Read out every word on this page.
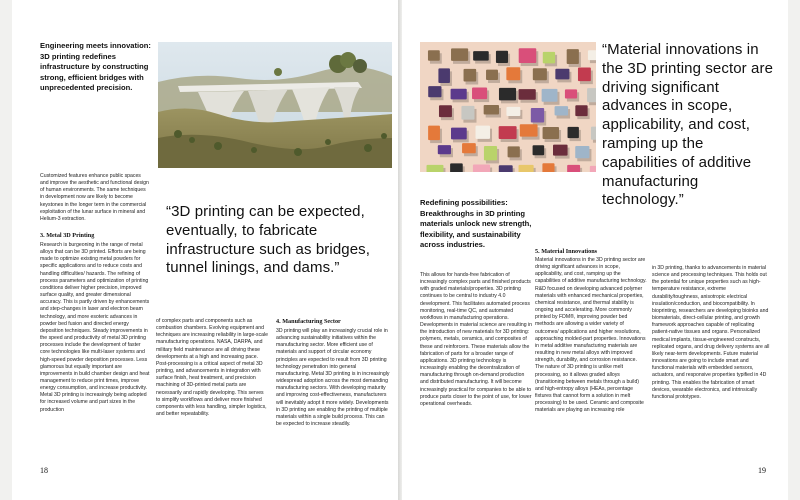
Engineering meets innovation: 3D printing redefines infrastructure by constructing strong, efficient bridges with unprecedented precision.
Customized features enhance public spaces and improve the aesthetic and functional design of human environments. The same techniques in development now are likely to become keystones in the longer term in the commercial exploitation of the lunar surface in mineral and Helium-3 extraction.
3. Metal 3D Printing
Research is burgeoning in the range of metal alloys that can be 3D printed. Efforts are being made to optimize existing metal powders for specific applications and to reduce costs and handling difficulties/ hazards. The refining of process parameters and optimization of printing conditions deliver higher precision, improved surface quality, and greater dimensional accuracy. This is partly driven by enhancements and step-changes in laser and electron beam technology, and more esoteric advances in powder bed fusion and directed energy deposition techniques. Steady improvements in the speed and productivity of metal 3D printing processes include the development of faster core technologies like multi-laser systems and high-speed powder deposition processes. Less glamorous but equally important are improvements in build chamber design and heat management to reduce print times, improve energy consumption, and increase productivity. Metal 3D printing is increasingly being adopted for increased volume and part sizes in the production
“3D printing can be expected, eventually, to fabricate infrastructure such as bridges, tunnel linings, and dams.”
of complex parts and components such as combustion chambers. Evolving equipment and techniques are increasing reliability in large-scale manufacturing operations. NASA, DARPA, and military field maintenance are all driving these developments at a high and increasing pace. Post-processing is a critical aspect of metal 3D printing, and advancements in integration with surface finish, heat treatment, and precision machining of 3D-printed metal parts are necessarily and rapidly developing. This serves to simplify workflows and deliver more finished components with less handling, simpler logistics, and better repeatability.
4. Manufacturing Sector
3D printing will play an increasingly crucial role in advancing sustainability initiatives within the manufacturing sector. More efficient use of materials and support of circular economy principles are expected to result from 3D printing technology penetration into general manufacturing. Metal 3D printing is in increasingly widespread adoption across the most demanding manufacturing sectors. With developing maturity and improving cost-effectiveness, manufacturers will inevitably adopt it more widely. Developments in 3D printing are enabling the printing of multiple materials within a single build process. This can be expected to increase steadily.
18
“Material innovations in the 3D printing sector are driving significant advances in scope, applicability, and cost, ramping up the capabilities of additive manufacturing technology.”
Redefining possibilities: Breakthroughs in 3D printing materials unlock new strength, flexibility, and sustainability across industries.
This allows for hands-free fabrication of increasingly complex parts and finished products with graded materials/properties. 3D printing continues to be central to industry 4.0 development. This facilitates automated process monitoring, real-time QC, and automated workflows in manufacturing operations. Developments in material science are resulting in the introduction of new materials for 3D printing: polymers, metals, ceramics, and composites of these and reinforcers. These materials allow the fabrication of parts for a broader range of applications. 3D printing technology is increasingly enabling the decentralization of manufacturing through on-demand production and distributed manufacturing. It will become increasingly practical for companies to be able to produce parts closer to the point of use, for lower operational overheads.
5. Material Innovations
Material innovations in the 3D printing sector are driving significant advances in scope, applicability, and cost, ramping up the capabilities of additive manufacturing technology. R&D focused on developing advanced polymer materials with enhanced mechanical properties, chemical resistance, and thermal stability is ongoing and accelerating. More commonly printed by FDM®, improving powder bed methods are allowing a wider variety of outcomes/ applications and higher resolutions, approaching molded-part properties. Innovations in metal additive manufacturing materials are resulting in new metal alloys with improved strength, durability, and corrosion resistance. The nature of 3D printing is unlike melt processing, so it allows graded alloys (transitioning between metals through a build) and high-entropy alloys (HEAs, percentage fixtures that cannot form a solution in melt processing) to be used. Ceramic and composite materials are playing an increasing role
in 3D printing, thanks to advancements in material science and processing techniques. This holds out the potential for unique properties such as high-temperature resistance, extreme durability/toughness, anisotropic electrical insulation/conduction, and biocompatibility. In bioprinting, researchers are developing bioinks and biomaterials, direct-cellular printing, and growth framework approaches capable of replicating patient-native tissues and organs. Personalized medical implants, tissue-engineered constructs, replicated organs, and drug delivery systems are all likely near-term developments. Future material innovations are going to include smart and functional materials with embedded sensors, actuators, and responsive properties typified in 4D printing. This enables the fabrication of smart devices, wearable electronics, and intrinsically functional prototypes.
19
